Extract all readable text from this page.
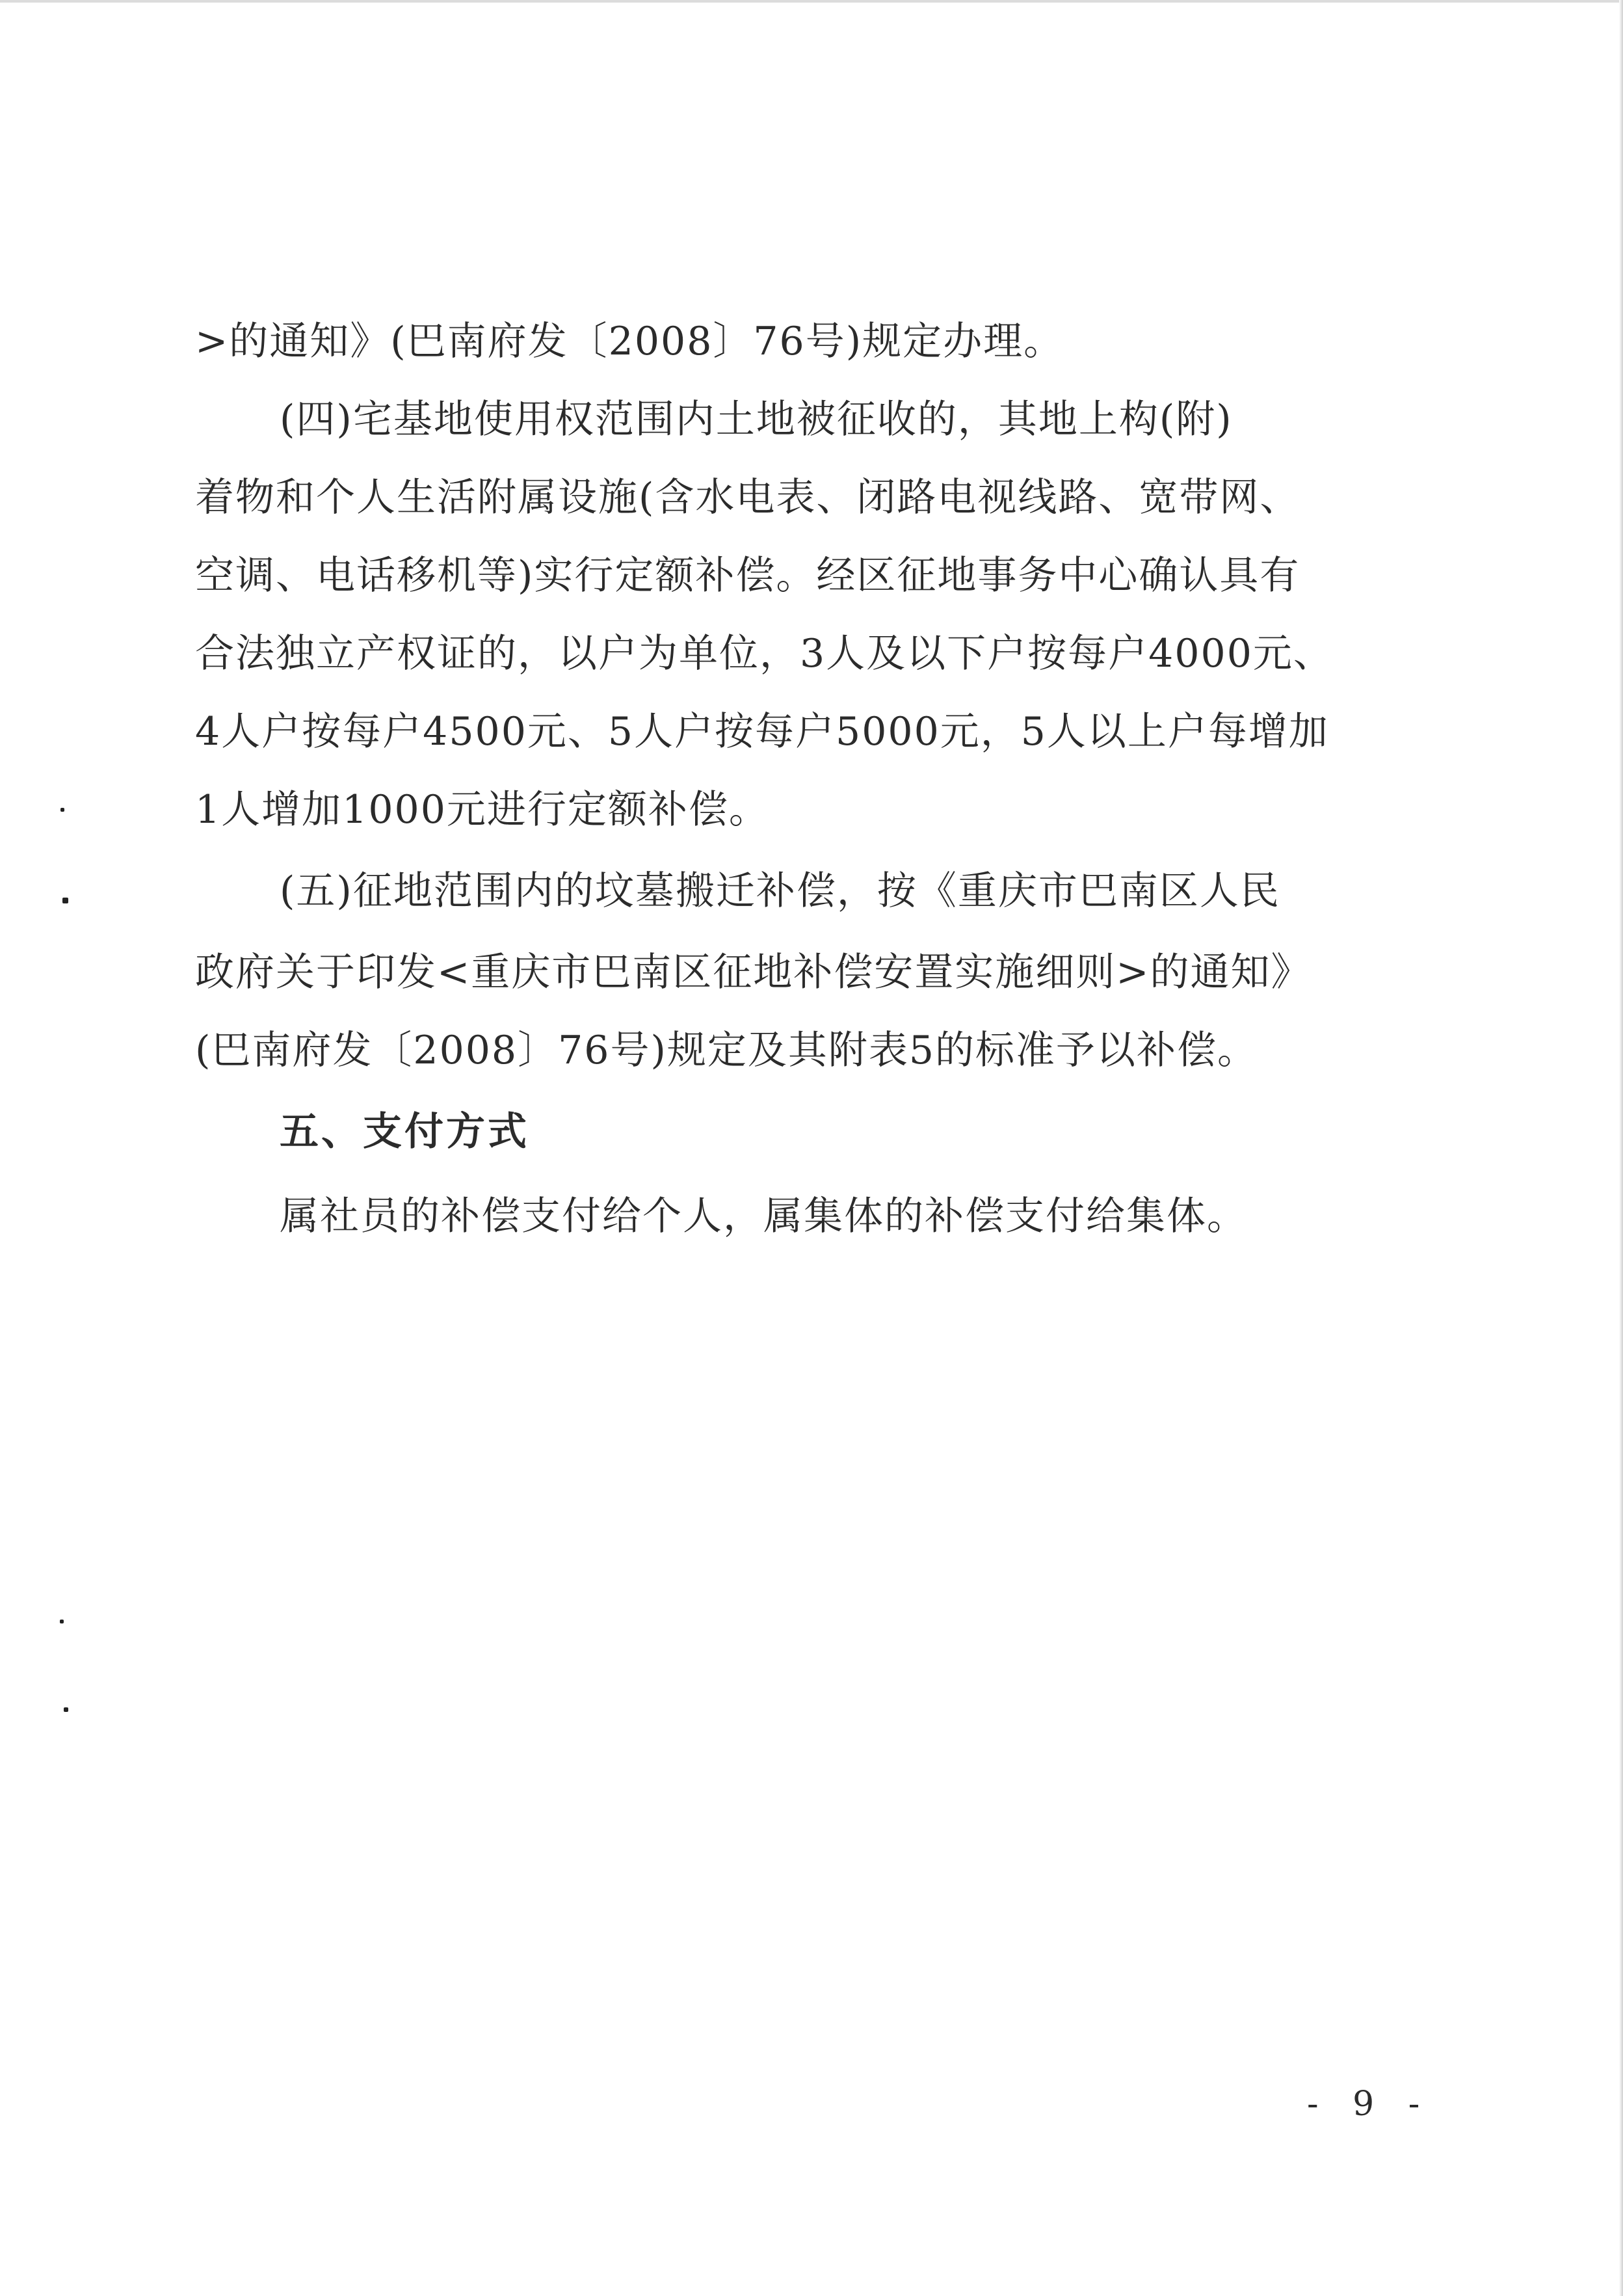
>的通知》(巴南府发〔2008〕76号)规定办理。
(四)宅基地使用权范围内土地被征收的，其地上构(附)
着物和个人生活附属设施(含水电表、闭路电视线路、宽带网、
空调、电话移机等)实行定额补偿。经区征地事务中心确认具有
合法独立产权证的，以户为单位，3人及以下户按每户4000元、
4人户按每户4500元、5人户按每户5000元，5人以上户每增加
1人增加1000元进行定额补偿。
(五)征地范围内的坟墓搬迁补偿，按《重庆市巴南区人民
政府关于印发<重庆市巴南区征地补偿安置实施细则>的通知》
(巴南府发〔2008〕76号)规定及其附表5的标准予以补偿。
五、支付方式
属社员的补偿支付给个人，属集体的补偿支付给集体。
- 9 -
